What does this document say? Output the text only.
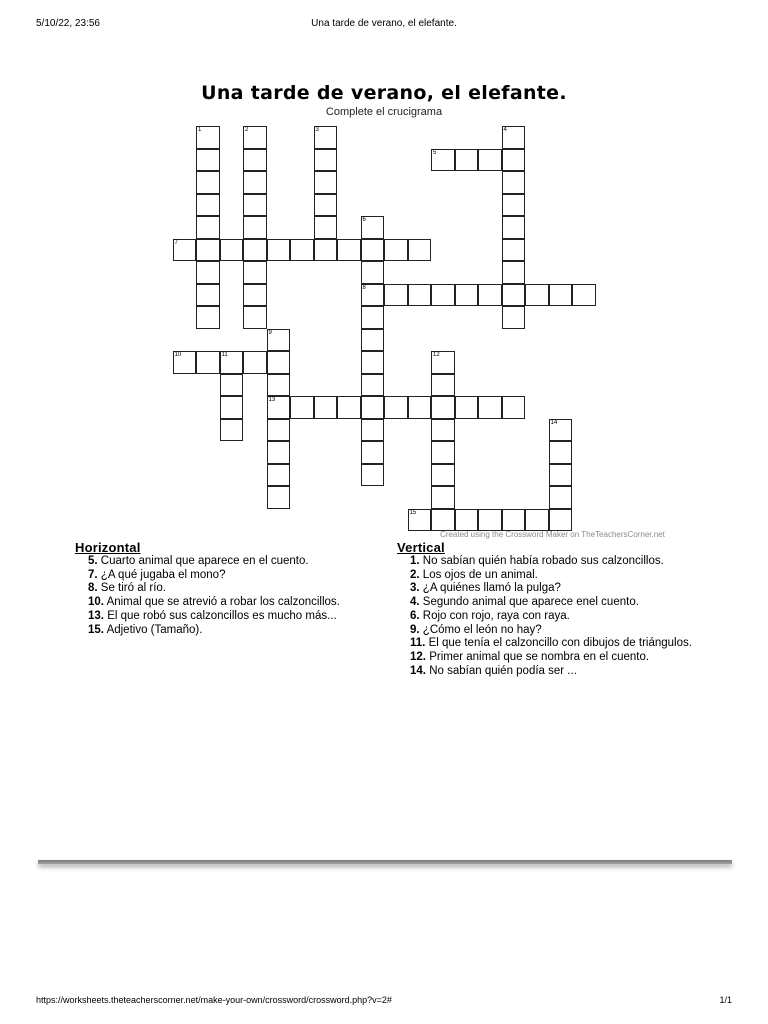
5/10/22, 23:56	Una tarde de verano, el elefante.
Una tarde de verano, el elefante.
Complete el crucigrama
1	2	3	4
5
6
8
7
9
13
10	11	12
14
15
Created using the Crossword Maker on TheTeachersCorner.net
Horizontal
5. Cuarto animal que aparece en el cuento.
7. ¿A qué jugaba el mono?
8. Se tiró al río.
10. Animal que se atrevió a robar los calzoncillos.
13. El que robó sus calzoncillos es mucho más...
15. Adjetivo (Tamaño).
Vertical
1. No sabían quién había robado sus calzoncillos.
2. Los ojos de un animal.
3. ¿A quiénes llamó la pulga?
4. Segundo animal que aparece enel cuento.
6. Rojo con rojo, raya con raya.
9. ¿Cómo el león no hay?
11. El que tenía el calzoncillo con dibujos de triángulos.
12. Primer animal que se nombra en el cuento.
14. No sabían quién podía ser ...
https://worksheets.theteacherscorner.net/make-your-own/crossword/crossword.php?v=2#	1/1
